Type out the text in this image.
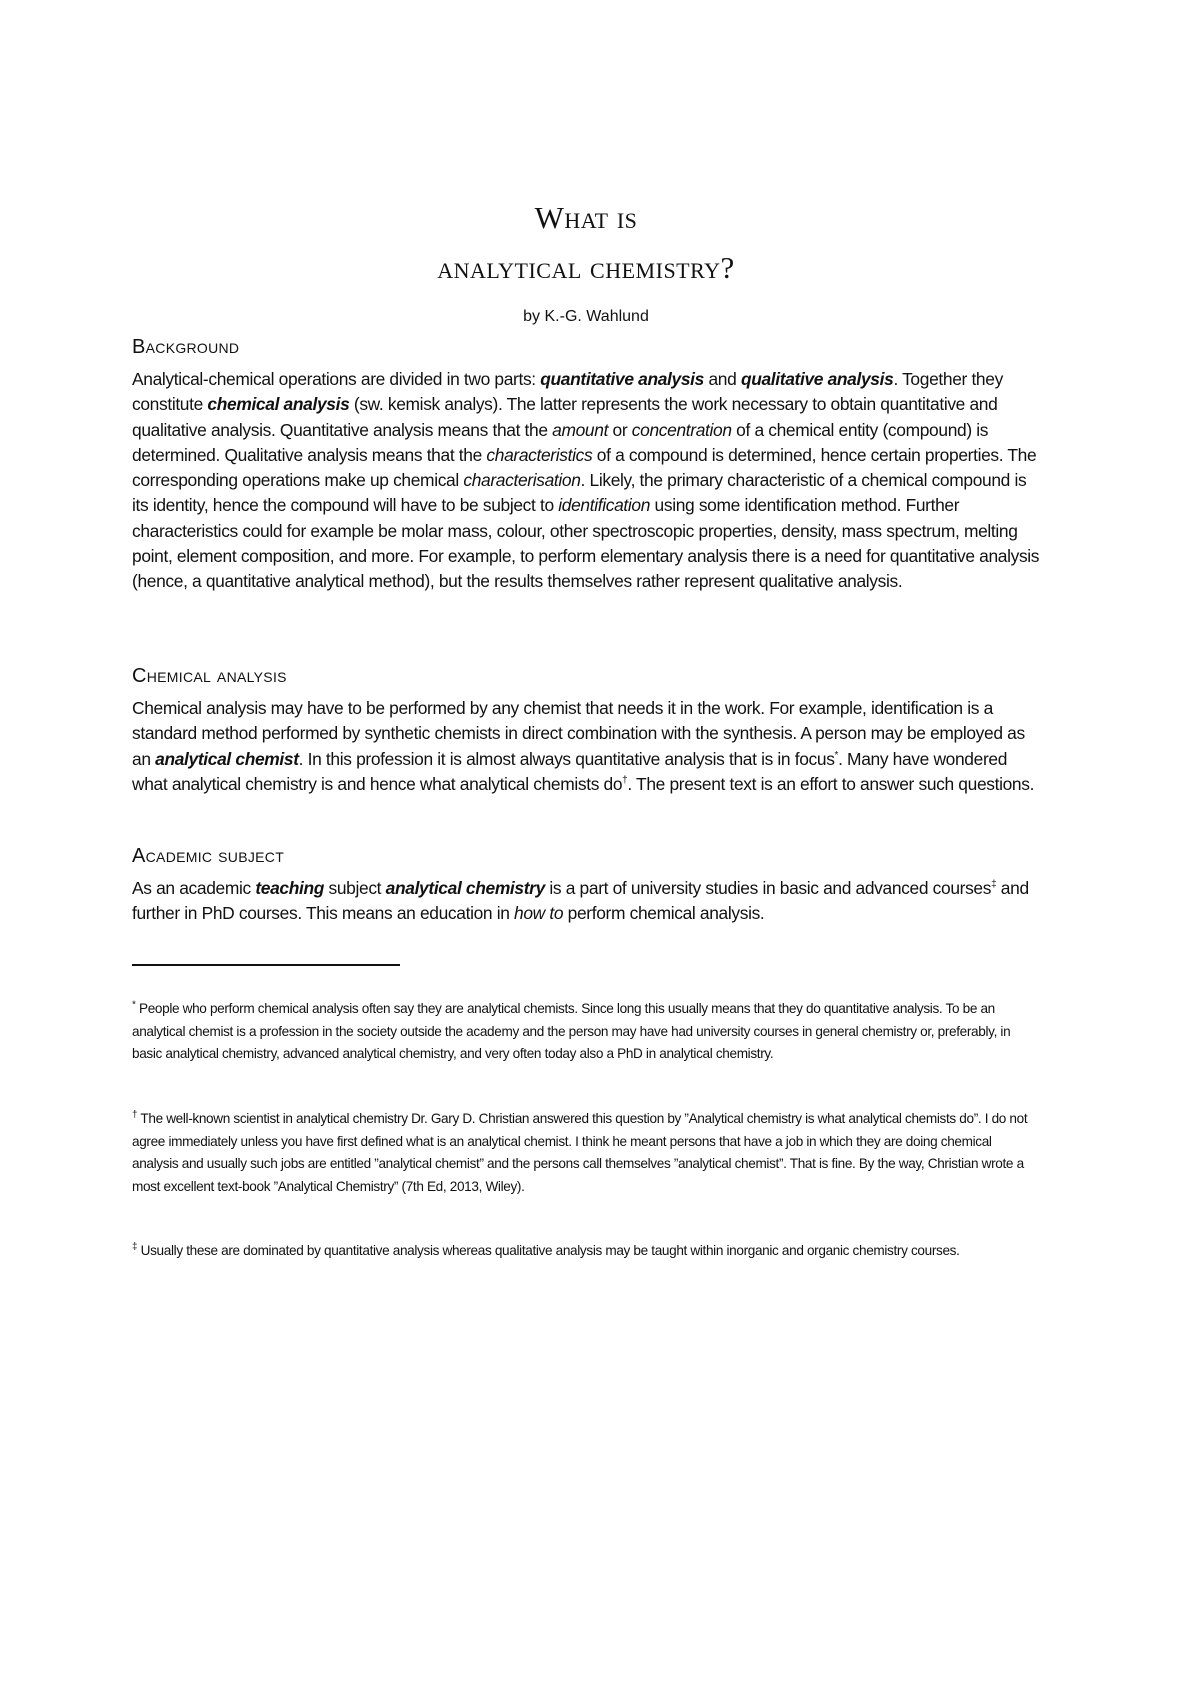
What is
analytical chemistry?
by K.-G. Wahlund
Background
Analytical-chemical operations are divided in two parts: quantitative analysis and qualitative analysis. Together they constitute chemical analysis (sw. kemisk analys). The latter represents the work necessary to obtain quantitative and qualitative analysis. Quantitative analysis means that the amount or concentration of a chemical entity (compound) is determined. Qualitative analysis means that the characteristics of a compound is determined, hence certain properties. The corresponding operations make up chemical characterisation. Likely, the primary characteristic of a chemical compound is its identity, hence the compound will have to be subject to identification using some identification method. Further characteristics could for example be molar mass, colour, other spectroscopic properties, density, mass spectrum, melting point, element composition, and more. For example, to perform elementary analysis there is a need for quantitative analysis (hence, a quantitative analytical method), but the results themselves rather represent qualitative analysis.
Chemical analysis
Chemical analysis may have to be performed by any chemist that needs it in the work. For example, identification is a standard method performed by synthetic chemists in direct combination with the synthesis. A person may be employed as an analytical chemist. In this profession it is almost always quantitative analysis that is in focus*. Many have wondered what analytical chemistry is and hence what analytical chemists do†. The present text is an effort to answer such questions.
Academic subject
As an academic teaching subject analytical chemistry is a part of university studies in basic and advanced courses‡ and further in PhD courses. This means an education in how to perform chemical analysis.
* People who perform chemical analysis often say they are analytical chemists. Since long this usually means that they do quantitative analysis. To be an analytical chemist is a profession in the society outside the academy and the person may have had university courses in general chemistry or, preferably, in basic analytical chemistry, advanced analytical chemistry, and very often today also a PhD in analytical chemistry.
† The well-known scientist in analytical chemistry Dr. Gary D. Christian answered this question by ”Analytical chemistry is what analytical chemists do”. I do not agree immediately unless you have first defined what is an analytical chemist. I think he meant persons that have a job in which they are doing chemical analysis and usually such jobs are entitled ”analytical chemist” and the persons call themselves ”analytical chemist”. That is fine. By the way, Christian wrote a most excellent text-book ”Analytical Chemistry” (7th Ed, 2013, Wiley).
‡ Usually these are dominated by quantitative analysis whereas qualitative analysis may be taught within inorganic and organic chemistry courses.
